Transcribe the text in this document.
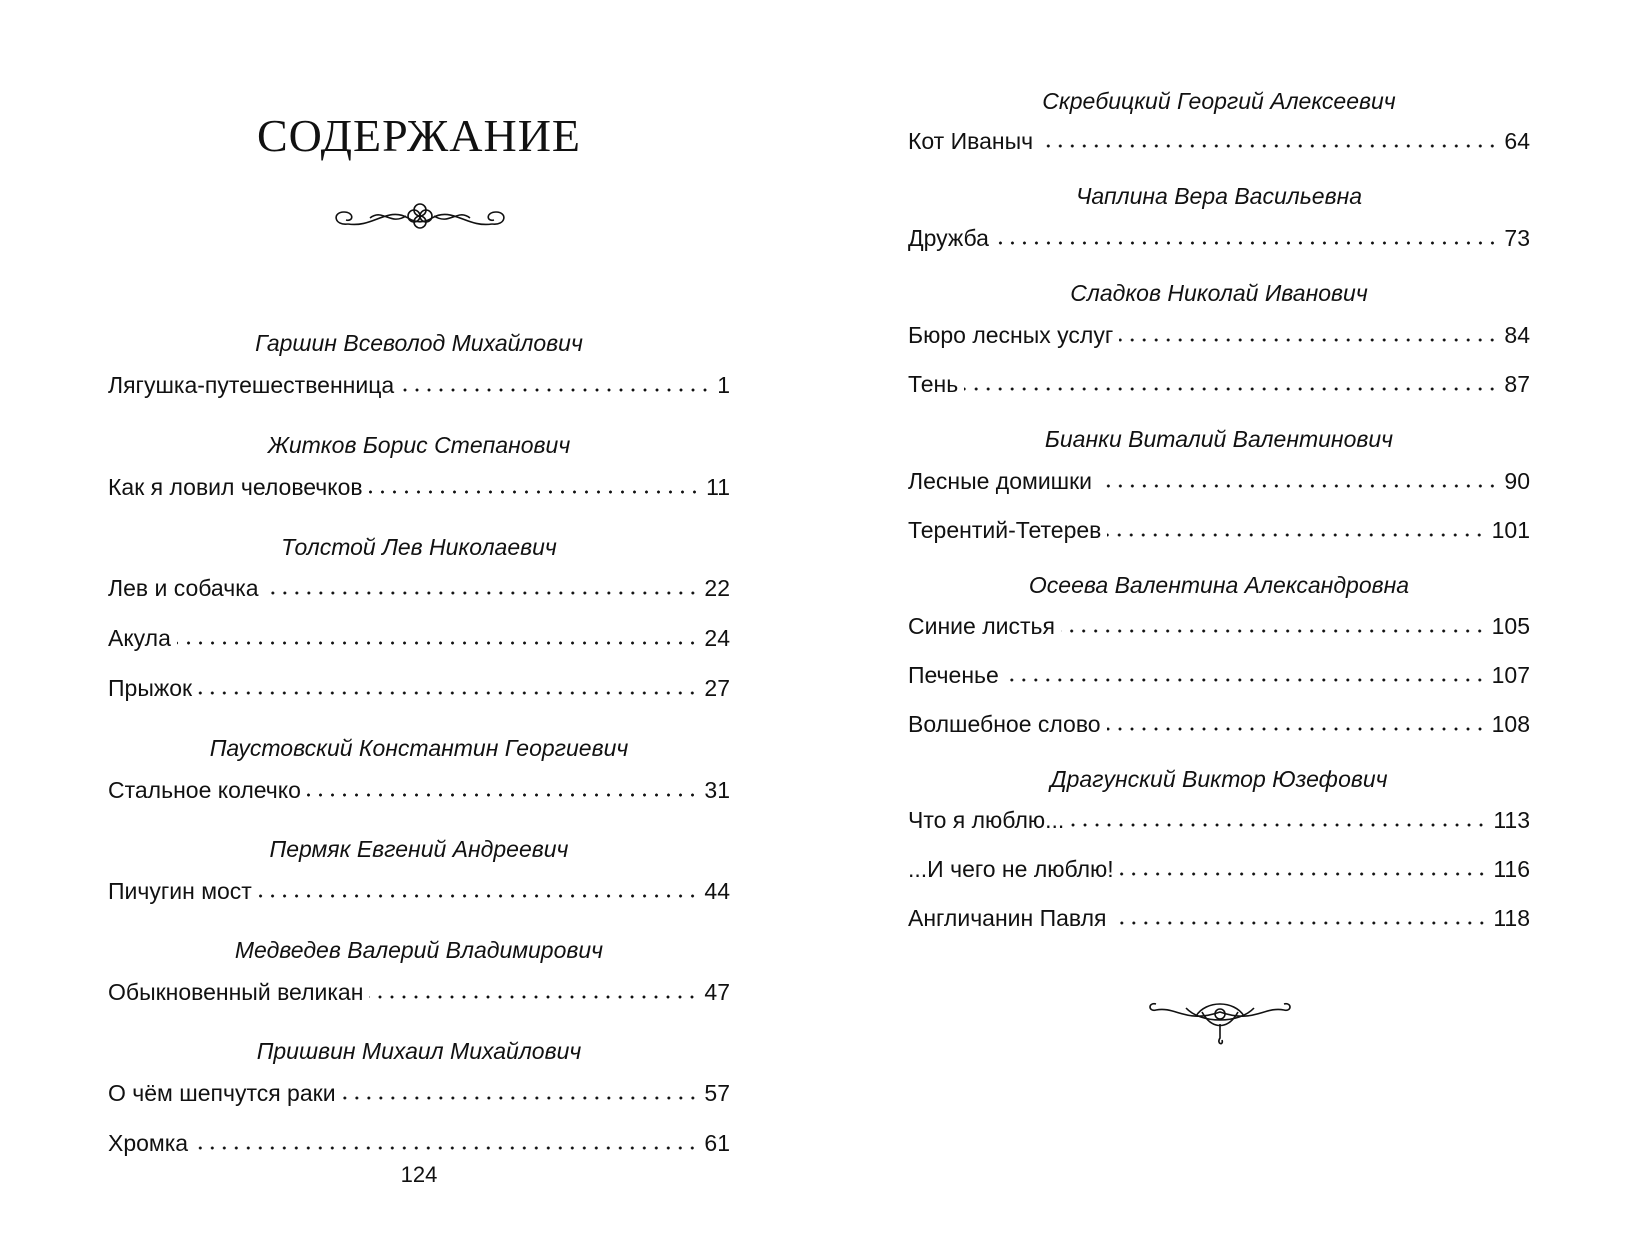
СОДЕРЖАНИЕ
Гаршин Всеволод Михайлович
Лягушка-путешественница	1
Житков Борис Степанович
Как я ловил человечков	11
Толстой Лев Николаевич
Лев и собачка	22
Акула	24
Прыжок	27
Паустовский Константин Георгиевич
Стальное колечко	31
Пермяк Евгений Андреевич
Пичугин мост	44
Медведев Валерий Владимирович
Обыкновенный великан	47
Пришвин Михаил Михайлович
О чём шепчутся раки	57
Хромка	61
Скребицкий Георгий Алексеевич
Кот Иваныч	64
Чаплина Вера Васильевна
Дружба	73
Сладков Николай Иванович
Бюро лесных услуг	84
Тень	87
Бианки Виталий Валентинович
Лесные домишки	90
Терентий-Тетерев	101
Осеева Валентина Александровна
Синие листья	105
Печенье	107
Волшебное слово	108
Драгунский Виктор Юзефович
Что я люблю...	113
...И чего не люблю!	116
Англичанин Павля	118
124
